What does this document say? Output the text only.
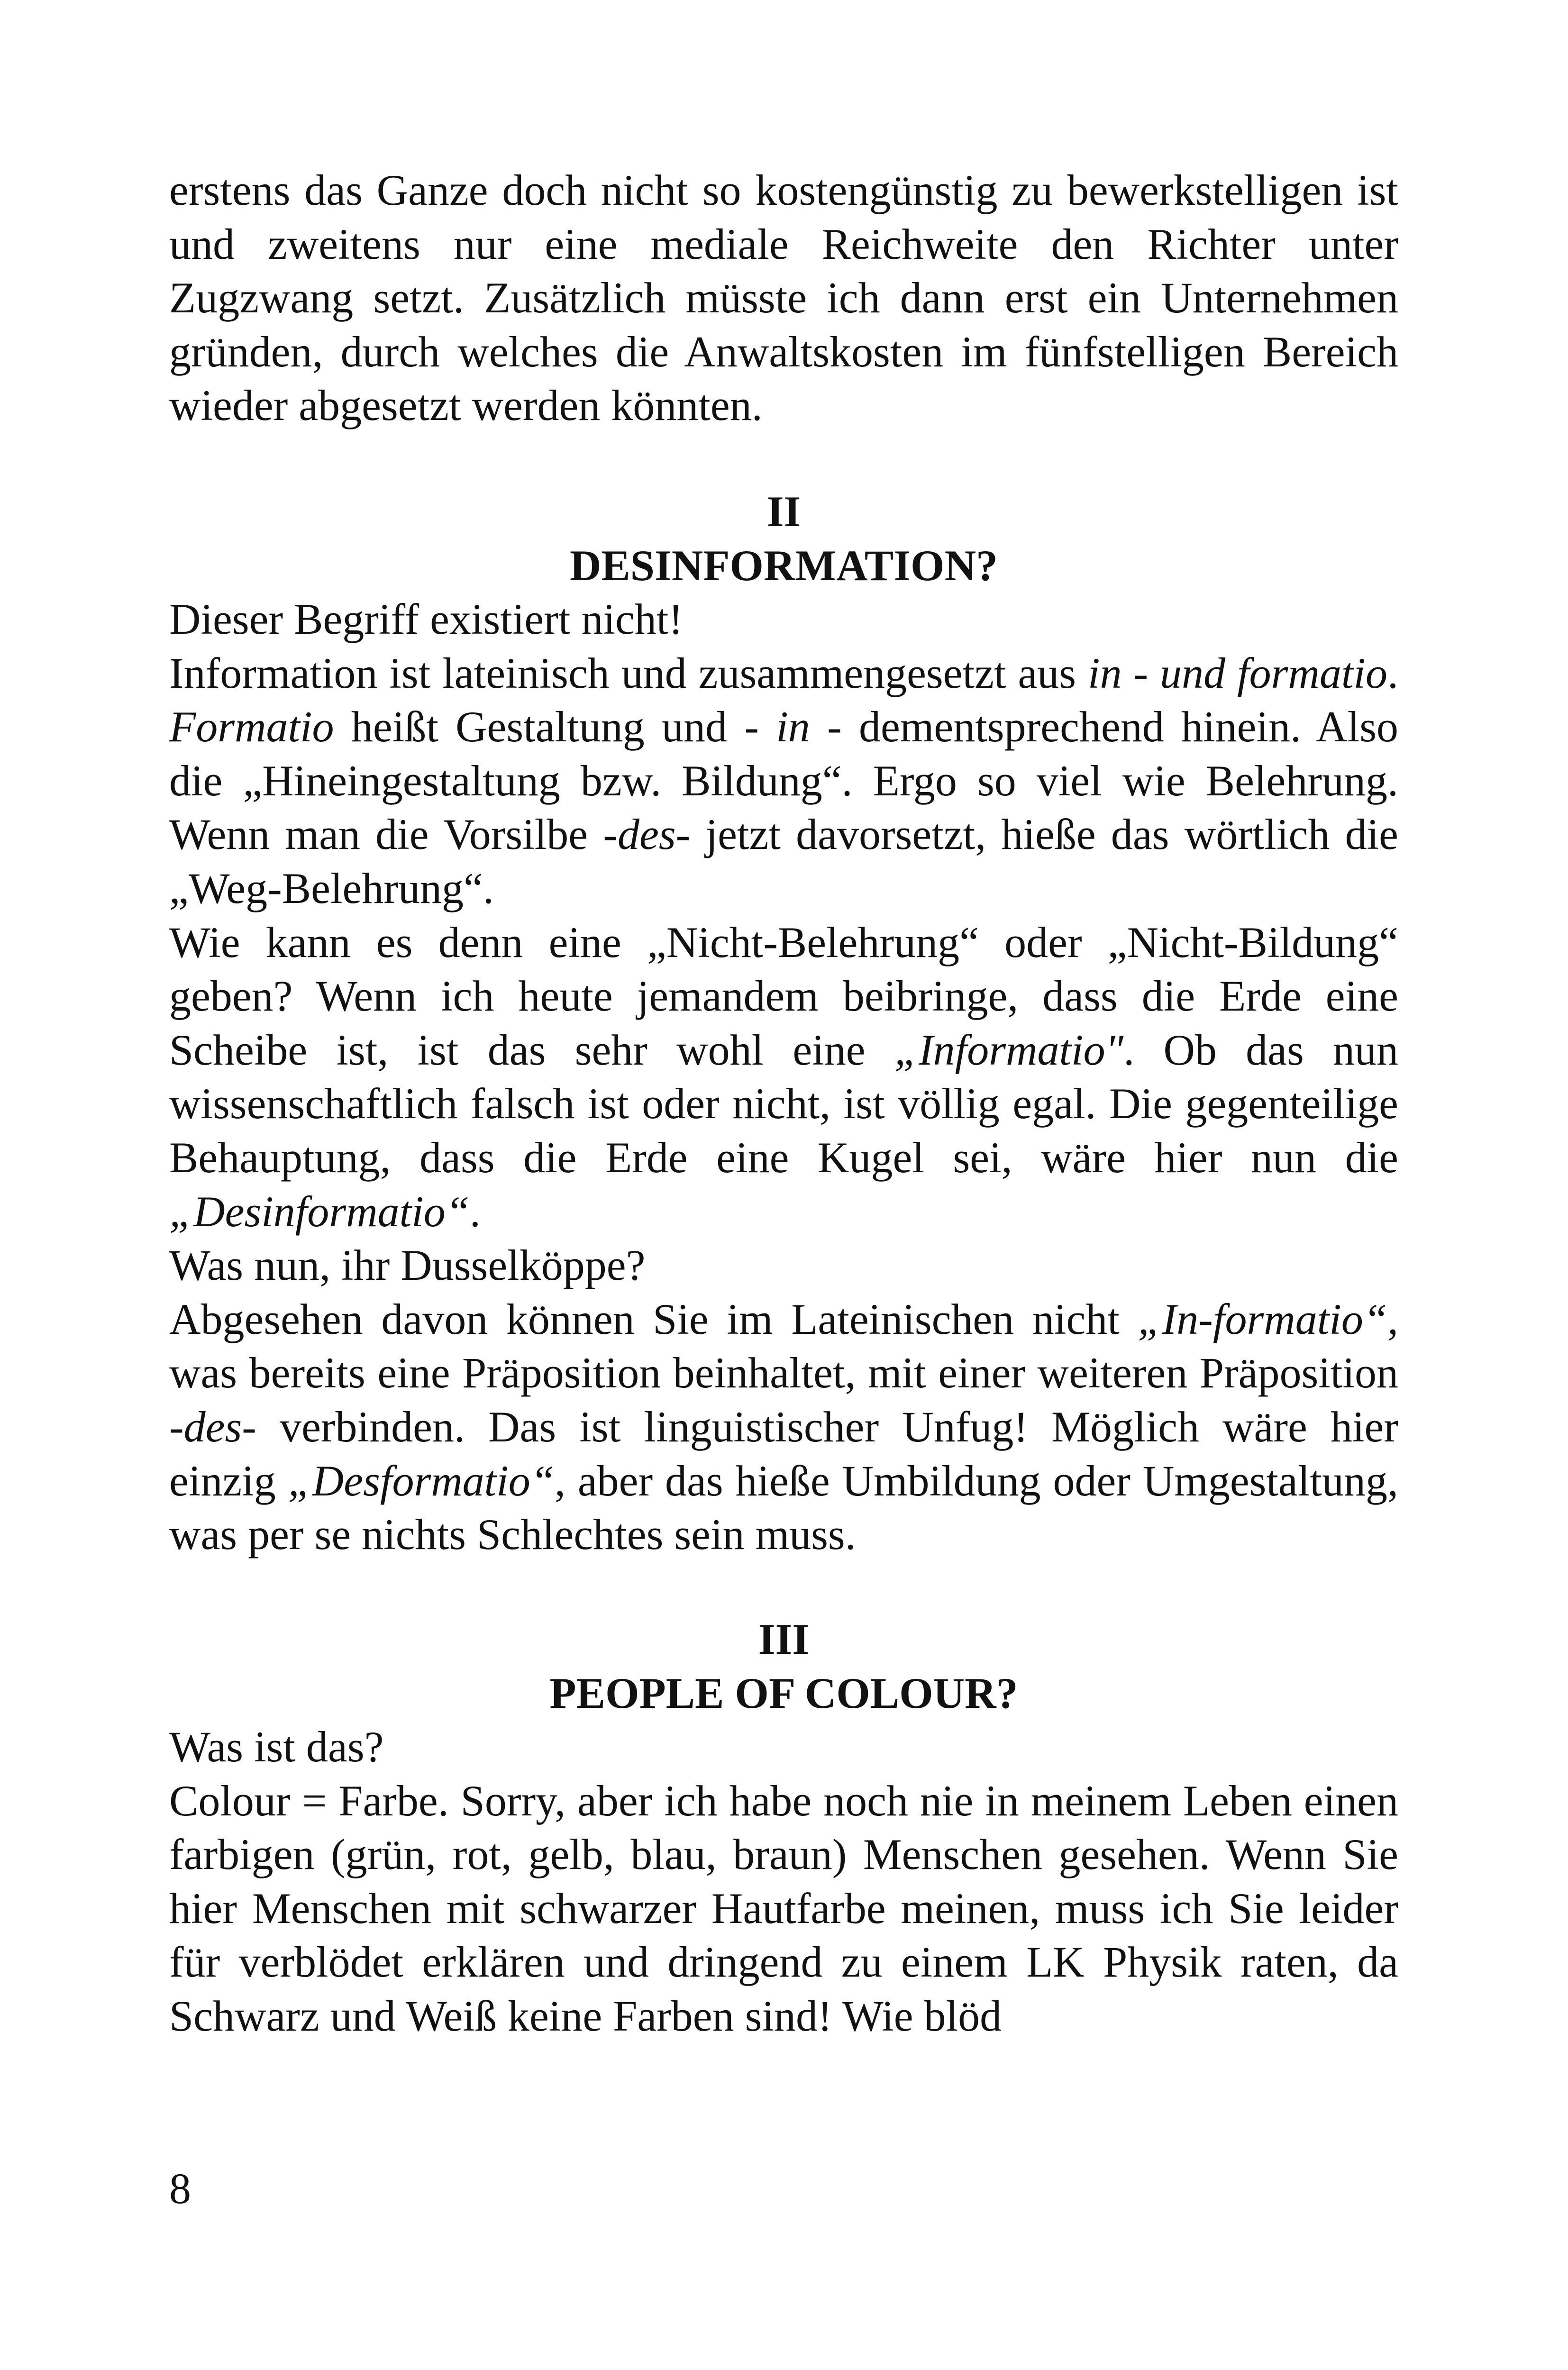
erstens das Ganze doch nicht so kostengünstig zu bewerkstelligen ist und zweitens nur eine mediale Reichweite den Richter unter Zugzwang setzt. Zusätzlich müsste ich dann erst ein Unternehmen gründen, durch welches die Anwaltskosten im fünfstelligen Bereich wieder abgesetzt werden könnten.

II
DESINFORMATION?

Dieser Begriff existiert nicht!

Information ist lateinisch und zusammengesetzt aus in - und formatio. Formatio heißt Gestaltung und - in - dementsprechend hinein. Also die „Hineingestaltung bzw. Bildung“. Ergo so viel wie Belehrung. Wenn man die Vorsilbe -des- jetzt davorsetzt, hieße das wörtlich die „Weg-Belehrung“.

Wie kann es denn eine „Nicht-Belehrung“ oder „Nicht-Bildung“ geben? Wenn ich heute jemandem beibringe, dass die Erde eine Scheibe ist, ist das sehr wohl eine „Informatio". Ob das nun wissenschaftlich falsch ist oder nicht, ist völlig egal. Die gegenteilige Behauptung, dass die Erde eine Kugel sei, wäre hier nun die „Desinformatio“.

Was nun, ihr Dusselköppe?

Abgesehen davon können Sie im Lateinischen nicht „In-formatio“, was bereits eine Präposition beinhaltet, mit einer weiteren Präposition -des- verbinden. Das ist linguistischer Unfug! Möglich wäre hier einzig „Desformatio“, aber das hieße Umbildung oder Umgestaltung, was per se nichts Schlechtes sein muss.

III
PEOPLE OF COLOUR?

Was ist das?

Colour = Farbe. Sorry, aber ich habe noch nie in meinem Leben einen farbigen (grün, rot, gelb, blau, braun) Menschen gesehen. Wenn Sie hier Menschen mit schwarzer Hautfarbe meinen, muss ich Sie leider für verblödet erklären und dringend zu einem LK Physik raten, da Schwarz und Weiß keine Farben sind! Wie blöd

8
